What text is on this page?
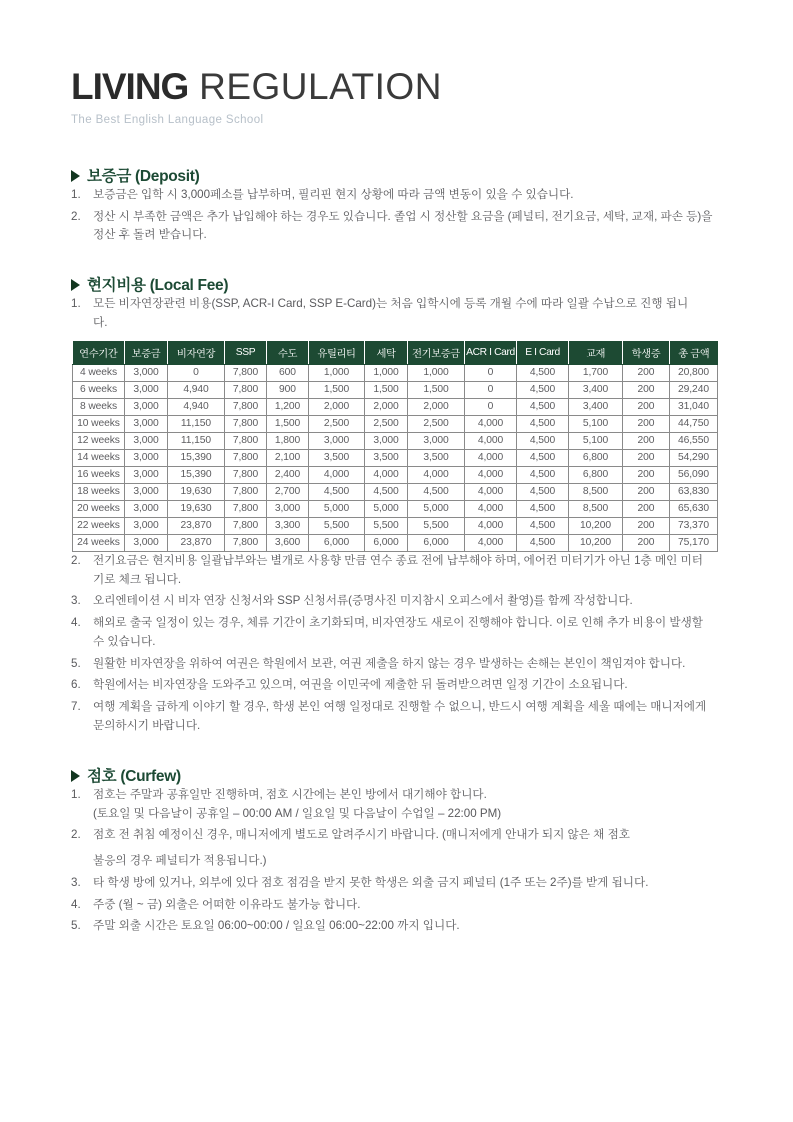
LIVING REGULATION
The Best English Language School
보증금 (Deposit)
1.	보증금은 입학 시 3,000페소를 납부하며, 필리핀 현지 상황에 따라 금액 변동이 있을 수 있습니다.
2.	정산 시 부족한 금액은 추가 납입해야 하는 경우도 있습니다. 졸업 시 정산할 요금을 (페널티, 전기요금, 세탁, 교재, 파손 등)을 정산 후 돌려 받습니다.
현지비용 (Local Fee)
1.	모든 비자연장관련 비용(SSP, ACR-I Card, SSP E-Card)는 처음 입학시에 등록 개월 수에 따라 일괄 수납으로 진행 됩니다.
연수기간	보증금	비자연장	SSP	수도	유틸리티	세탁	전기보증금	ACR I Card	E I Card	교재	학생증	총 금액
4 weeks	3,000	0	7,800	600	1,000	1,000	1,000	0	4,500	1,700	200	20,800
6 weeks	3,000	4,940	7,800	900	1,500	1,500	1,500	0	4,500	3,400	200	29,240
8 weeks	3,000	4,940	7,800	1,200	2,000	2,000	2,000	0	4,500	3,400	200	31,040
10 weeks	3,000	11,150	7,800	1,500	2,500	2,500	2,500	4,000	4,500	5,100	200	44,750
12 weeks	3,000	11,150	7,800	1,800	3,000	3,000	3,000	4,000	4,500	5,100	200	46,550
14 weeks	3,000	15,390	7,800	2,100	3,500	3,500	3,500	4,000	4,500	6,800	200	54,290
16 weeks	3,000	15,390	7,800	2,400	4,000	4,000	4,000	4,000	4,500	6,800	200	56,090
18 weeks	3,000	19,630	7,800	2,700	4,500	4,500	4,500	4,000	4,500	8,500	200	63,830
20 weeks	3,000	19,630	7,800	3,000	5,000	5,000	5,000	4,000	4,500	8,500	200	65,630
22 weeks	3,000	23,870	7,800	3,300	5,500	5,500	5,500	4,000	4,500	10,200	200	73,370
24 weeks	3,000	23,870	7,800	3,600	6,000	6,000	6,000	4,000	4,500	10,200	200	75,170
2.	전기요금은 현지비용 일괄납부와는 별개로 사용향 만큼 연수 종료 전에 납부해야 하며, 에어컨 미터기가 아닌 1층 메인 미터기로 체크 됩니다.
3.	오리엔테이션 시 비자 연장 신청서와 SSP 신청서류(증명사진 미지참시 오피스에서 촬영)를 함께 작성합니다.
4.	해외로 출국 일정이 있는 경우, 체류 기간이 초기화되며, 비자연장도 새로이 진행해야 합니다. 이로 인해 추가 비용이 발생할 수 있습니다.
5.	원활한 비자연장을 위하여 여권은 학원에서 보관, 여권 제출을 하지 않는 경우 발생하는 손해는 본인이 책임져야 합니다.
6.	학원에서는 비자연장을 도와주고 있으며, 여권을 이민국에 제출한 뒤 돌려받으려면 일정 기간이 소요됩니다.
7.	여행 계획을 급하게 이야기 할 경우, 학생 본인 여행 일정대로 진행할 수 없으니, 반드시 여행 계획을 세울 때에는 매니저에게 문의하시기 바랍니다.
점호 (Curfew)
1.	점호는 주말과 공휴일만 진행하며, 점호 시간에는 본인 방에서 대기해야 합니다.
(토요일 및 다음날이 공휴일 – 00:00 AM / 일요일 및 다음날이 수업일 – 22:00 PM)
2.	점호 전 취침 예정이신 경우, 매니저에게 별도로 알려주시기 바랍니다. (매니저에게 안내가 되지 않은 채 점호
불응의 경우 페널티가 적용됩니다.)
3.	타 학생 방에 있거나, 외부에 있다 점호 점검을 받지 못한 학생은 외출 금지 페널티 (1주 또는 2주)를 받게 됩니다.
4.	주중 (월 ~ 금) 외출은 어떠한 이유라도 불가능 합니다.
5.	주말 외출 시간은 토요일 06:00~00:00 / 일요일 06:00~22:00 까지 입니다.
